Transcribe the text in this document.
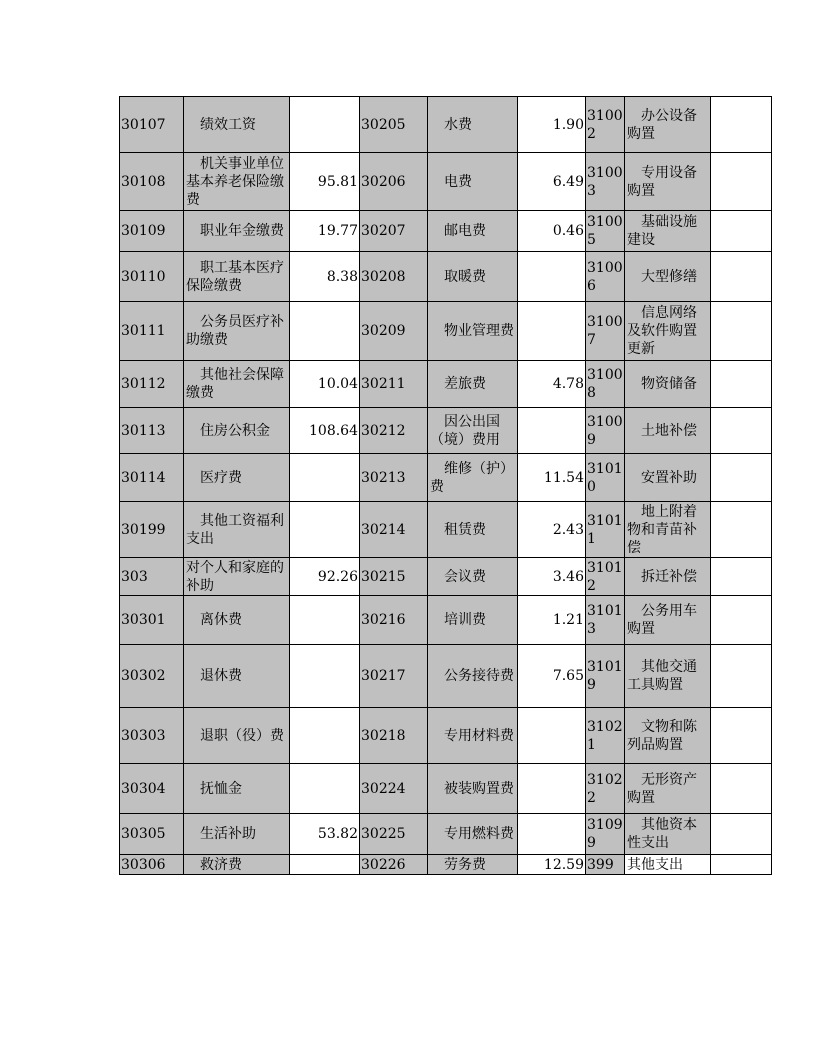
30107	绩效工资		30205	水费	1.90	31002	办公设备购置	
30108	机关事业单位基本养老保险缴费	95.81	30206	电费	6.49	31003	专用设备购置	
30109	职业年金缴费	19.77	30207	邮电费	0.46	31005	基础设施建设	
30110	职工基本医疗保险缴费	8.38	30208	取暖费		31006	大型修缮	
30111	公务员医疗补助缴费		30209	物业管理费		31007	信息网络及软件购置更新	
30112	其他社会保障缴费	10.04	30211	差旅费	4.78	31008	物资储备	
30113	住房公积金	108.64	30212	因公出国（境）费用		31009	土地补偿	
30114	医疗费		30213	维修（护）费	11.54	31010	安置补助	
30199	其他工资福利支出		30214	租赁费	2.43	31011	地上附着物和青苗补偿	
303	对个人和家庭的补助	92.26	30215	会议费	3.46	31012	拆迁补偿	
30301	离休费		30216	培训费	1.21	31013	公务用车购置	
30302	退休费		30217	公务接待费	7.65	31019	其他交通工具购置	
30303	退职（役）费		30218	专用材料费		31021	文物和陈列品购置	
30304	抚恤金		30224	被装购置费		31022	无形资产购置	
30305	生活补助	53.82	30225	专用燃料费		31099	其他资本性支出	
30306	救济费		30226	劳务费	12.59	399	其他支出	
